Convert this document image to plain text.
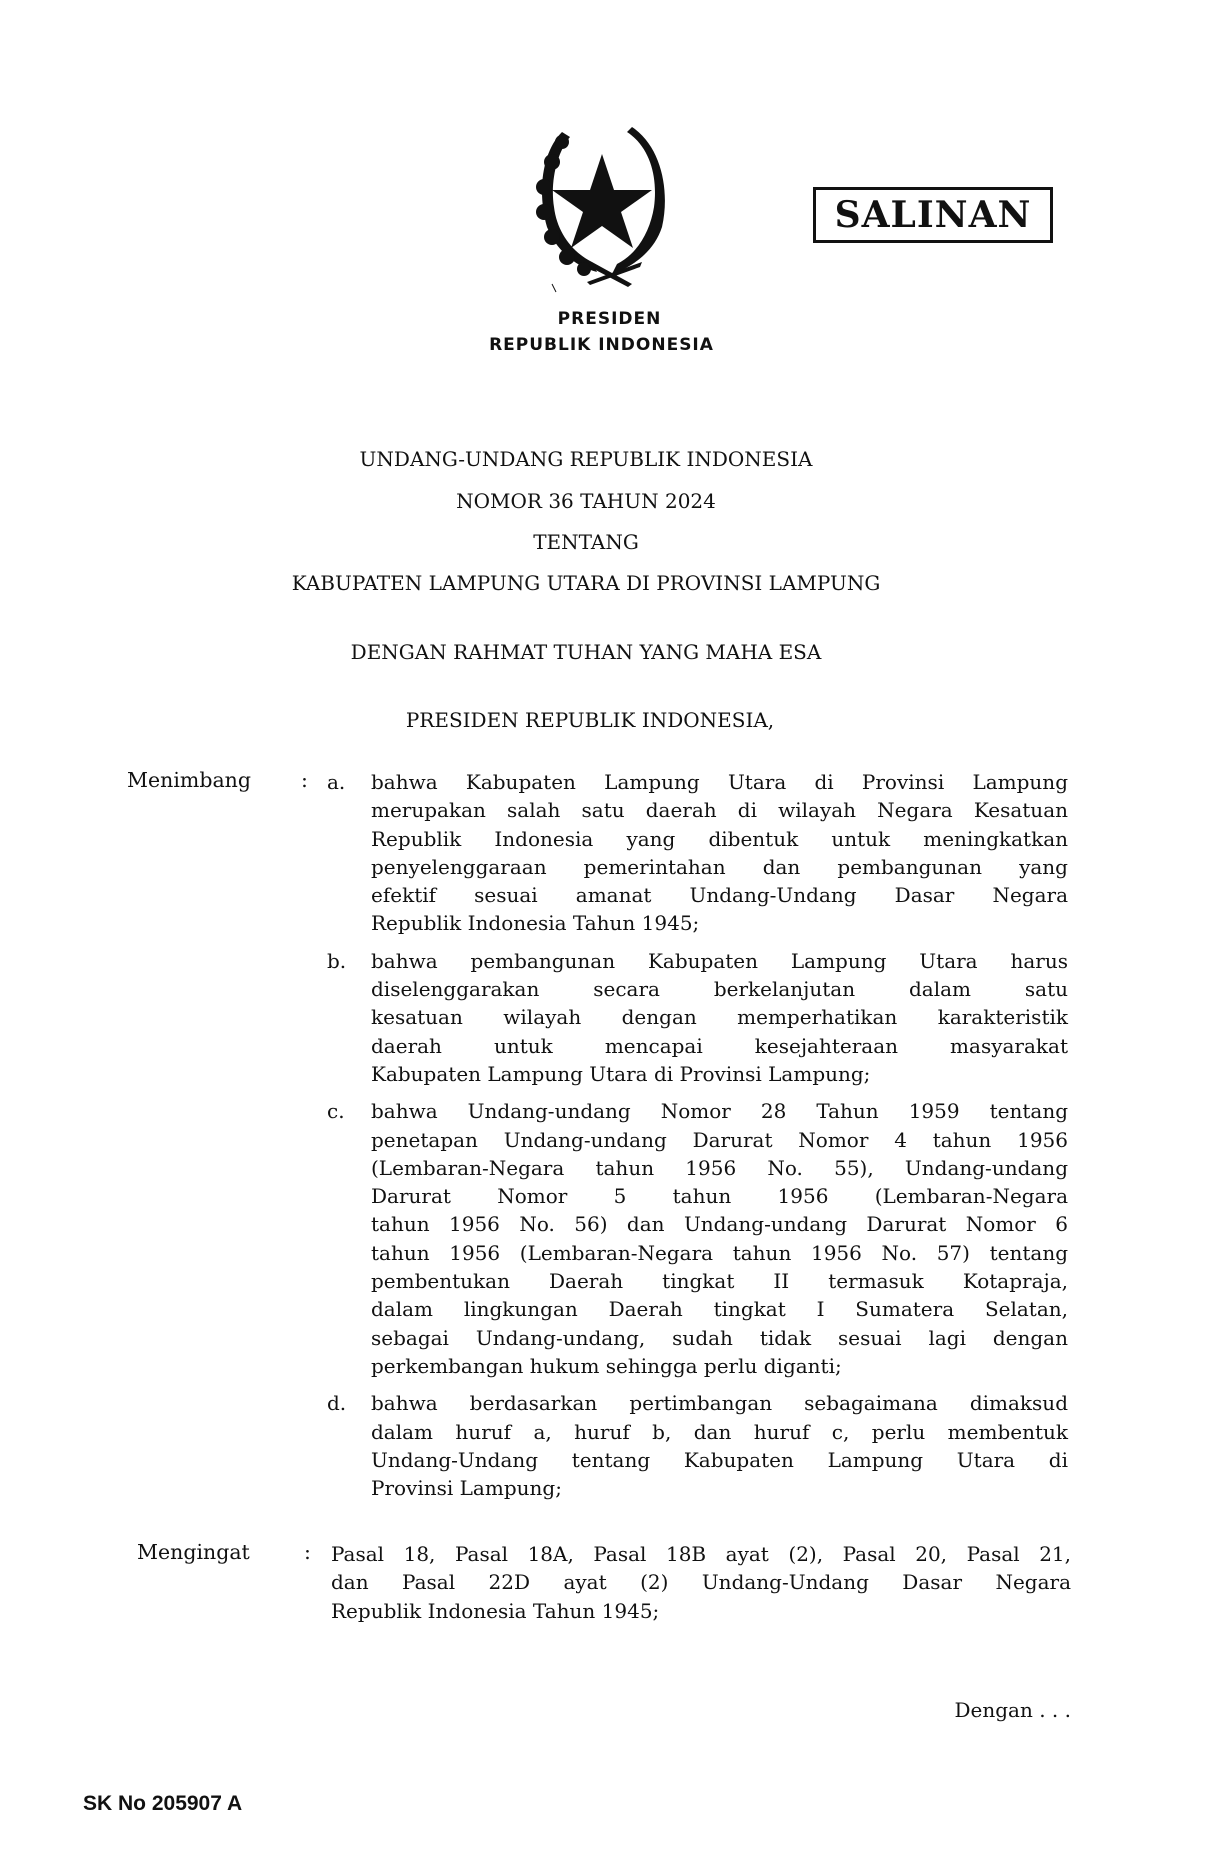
SALINAN
PRESIDEN
REPUBLIK INDONESIA
UNDANG-UNDANG REPUBLIK INDONESIA
NOMOR 36 TAHUN 2024
TENTANG
KABUPATEN LAMPUNG UTARA DI PROVINSI LAMPUNG
DENGAN RAHMAT TUHAN YANG MAHA ESA
PRESIDEN REPUBLIK INDONESIA,
Menimbang : a. bahwa Kabupaten Lampung Utara di Provinsi Lampung
merupakan salah satu daerah di wilayah Negara Kesatuan
Republik Indonesia yang dibentuk untuk meningkatkan
penyelenggaraan pemerintahan dan pembangunan yang
efektif sesuai amanat Undang-Undang Dasar Negara
Republik Indonesia Tahun 1945;
b. bahwa pembangunan Kabupaten Lampung Utara harus
diselenggarakan secara berkelanjutan dalam satu
kesatuan wilayah dengan memperhatikan karakteristik
daerah untuk mencapai kesejahteraan masyarakat
Kabupaten Lampung Utara di Provinsi Lampung;
c. bahwa Undang-undang Nomor 28 Tahun 1959 tentang
penetapan Undang-undang Darurat Nomor 4 tahun 1956
(Lembaran-Negara tahun 1956 No. 55), Undang-undang
Darurat Nomor 5 tahun 1956 (Lembaran-Negara
tahun 1956 No. 56) dan Undang-undang Darurat Nomor 6
tahun 1956 (Lembaran-Negara tahun 1956 No. 57) tentang
pembentukan Daerah tingkat II termasuk Kotapraja,
dalam lingkungan Daerah tingkat I Sumatera Selatan,
sebagai Undang-undang, sudah tidak sesuai lagi dengan
perkembangan hukum sehingga perlu diganti;
d. bahwa berdasarkan pertimbangan sebagaimana dimaksud
dalam huruf a, huruf b, dan huruf c, perlu membentuk
Undang-Undang tentang Kabupaten Lampung Utara di
Provinsi Lampung;
Mengingat	: Pasal 18, Pasal 18A, Pasal 18B ayat (2), Pasal 20, Pasal 21,
dan Pasal 22D ayat (2) Undang-Undang Dasar Negara
Republik Indonesia Tahun 1945;
Dengan . . .
SK No 205907 A
